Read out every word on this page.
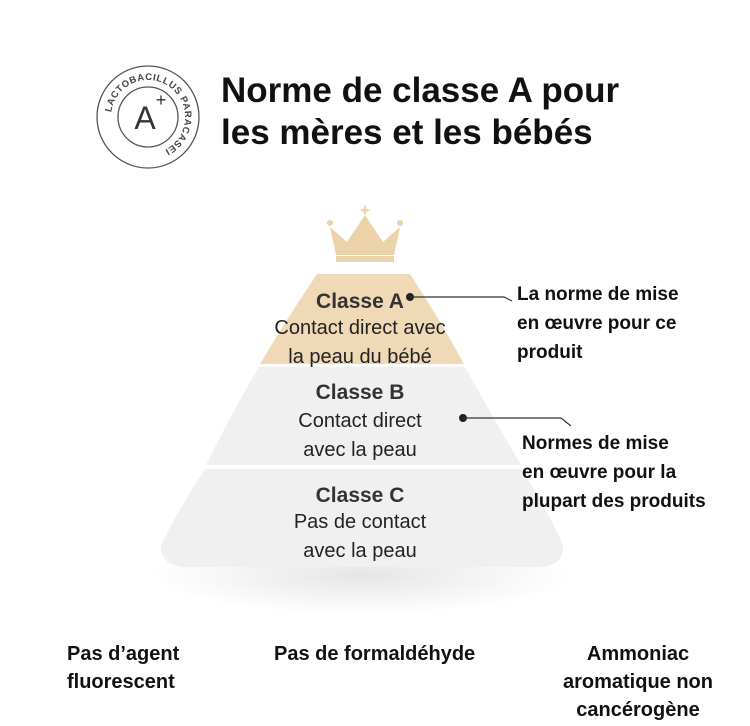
LACTOBACILLUS PARACASEI
A + Norme de classe A pour
les mères et les bébés
Classe A
Contact direct avec
la peau du bébé
Classe B
Contact direct
avec la peau
Classe C
Pas de contact
avec la peau
La norme de mise
en œuvre pour ce
produit
Normes de mise
en œuvre pour la
plupart des produits
Pas d’agent
fluorescent
Pas de formaldéhyde	Ammoniac
aromatique non
cancérogène
